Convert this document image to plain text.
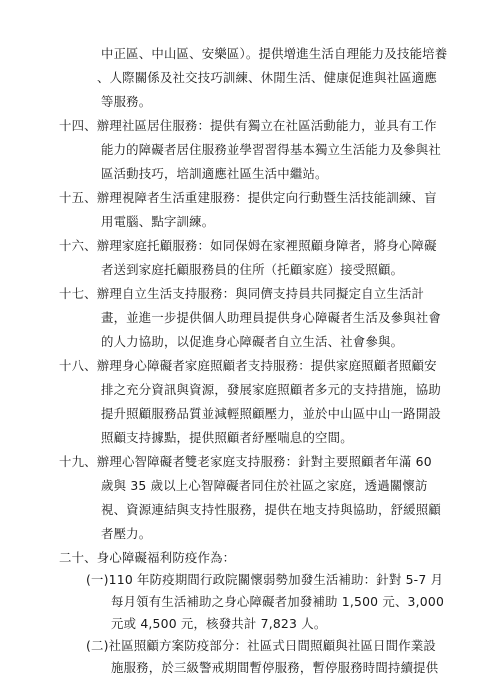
中正區、中山區、安樂區）。提供增進生活自理能力及技能培養
、人際關係及社交技巧訓練、休閒生活、健康促進與社區適應
等服務。
十四、辦理社區居住服務：提供有獨立在社區活動能力，並具有工作
能力的障礙者居住服務並學習習得基本獨立生活能力及參與社
區活動技巧，培訓適應社區生活中繼站。
十五、辦理視障者生活重建服務：提供定向行動暨生活技能訓練、盲
用電腦、點字訓練。
十六、辦理家庭托顧服務：如同保姆在家裡照顧身障者，將身心障礙
者送到家庭托顧服務員的住所（托顧家庭）接受照顧。
十七、辦理自立生活支持服務：與同儕支持員共同擬定自立生活計
畫，並進一步提供個人助理員提供身心障礙者生活及參與社會
的人力協助，以促進身心障礙者自立生活、社會參與。
十八、辦理身心障礙者家庭照顧者支持服務：提供家庭照顧者照顧安
排之充分資訊與資源，發展家庭照顧者多元的支持措施，協助
提升照顧服務品質並減輕照顧壓力，並於中山區中山一路開設
照顧支持據點，提供照顧者紓壓喘息的空間。
十九、辦理心智障礙者雙老家庭支持服務：針對主要照顧者年滿 60
歲與 35 歲以上心智障礙者同住於社區之家庭，透過關懷訪
視、資源連結與支持性服務，提供在地支持與協助，舒緩照顧
者壓力。
二十、身心障礙福利防疫作為：
(一)110 年防疫期間行政院關懷弱勢加發生活補助：針對 5-7 月
每月領有生活補助之身心障礙者加發補助 1,500 元、3,000
元或 4,500 元，核發共計 7,823 人。
(二)社區照顧方案防疫部分：社區式日間照顧與社區日間作業設
施服務，於三級警戒期間暫停服務，暫停服務時間持續提供
